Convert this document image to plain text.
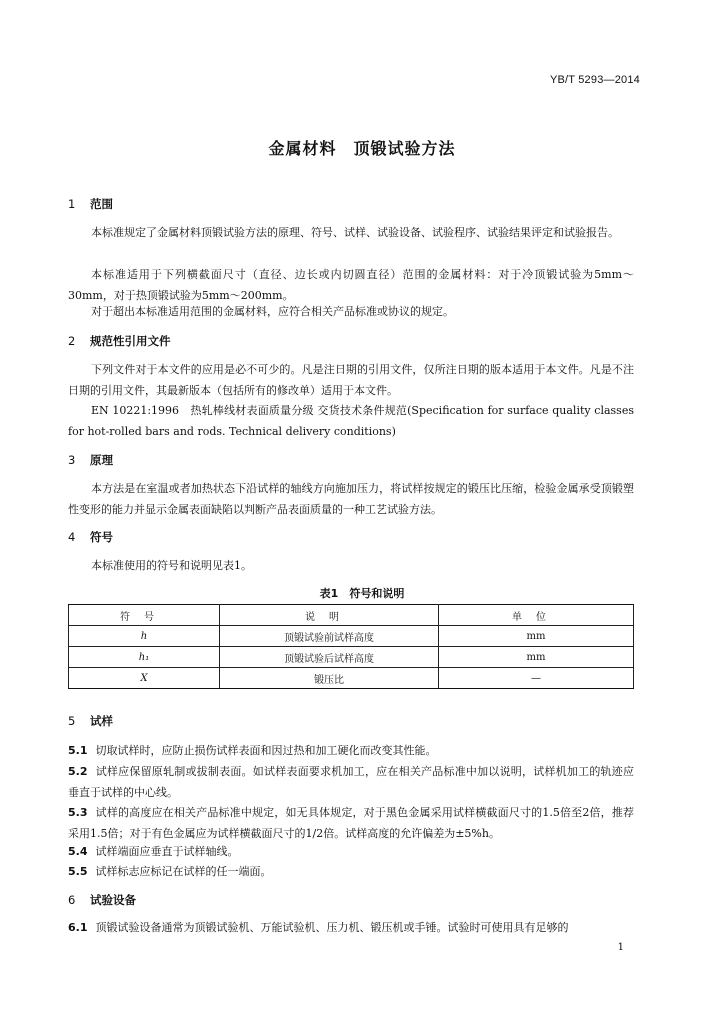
YB/T 5293—2014
金属材料　顶锻试验方法
1 范围
本标准规定了金属材料顶锻试验方法的原理、符号、试样、试验设备、试验程序、试验结果评定和试验报告。
本标准适用于下列横截面尺寸（直径、边长或内切圆直径）范围的金属材料：对于冷顶锻试验为5mm～30mm，对于热顶锻试验为5mm～200mm。
对于超出本标准适用范围的金属材料，应符合相关产品标准或协议的规定。
2 规范性引用文件
下列文件对于本文件的应用是必不可少的。凡是注日期的引用文件，仅所注日期的版本适用于本文件。凡是不注日期的引用文件，其最新版本（包括所有的修改单）适用于本文件。
EN 10221:1996　热轧棒线材表面质量分级 交货技术条件规范(Specification for surface quality classes for hot-rolled bars and rods. Technical delivery conditions)
3 原理
本方法是在室温或者加热状态下沿试样的轴线方向施加压力，将试样按规定的锻压比压缩，检验金属承受顶锻塑性变形的能力并显示金属表面缺陷以判断产品表面质量的一种工艺试验方法。
4 符号
本标准使用的符号和说明见表1。
表1　符号和说明
符号	说明	单位
h	顶锻试验前试样高度	mm
h₁	顶锻试验后试样高度	mm
X	锻压比	—
5 试样
5.1 切取试样时，应防止损伤试样表面和因过热和加工硬化而改变其性能。
5.2 试样应保留原轧制或拔制表面。如试样表面要求机加工，应在相关产品标准中加以说明，试样机加工的轨迹应垂直于试样的中心线。
5.3 试样的高度应在相关产品标准中规定，如无具体规定，对于黑色金属采用试样横截面尺寸的1.5倍至2倍，推荐采用1.5倍；对于有色金属应为试样横截面尺寸的1/2倍。试样高度的允许偏差为±5%h。
5.4 试样端面应垂直于试样轴线。
5.5 试样标志应标记在试样的任一端面。
6 试验设备
6.1 顶锻试验设备通常为顶锻试验机、万能试验机、压力机、锻压机或手锤。试验时可使用具有足够的
1
